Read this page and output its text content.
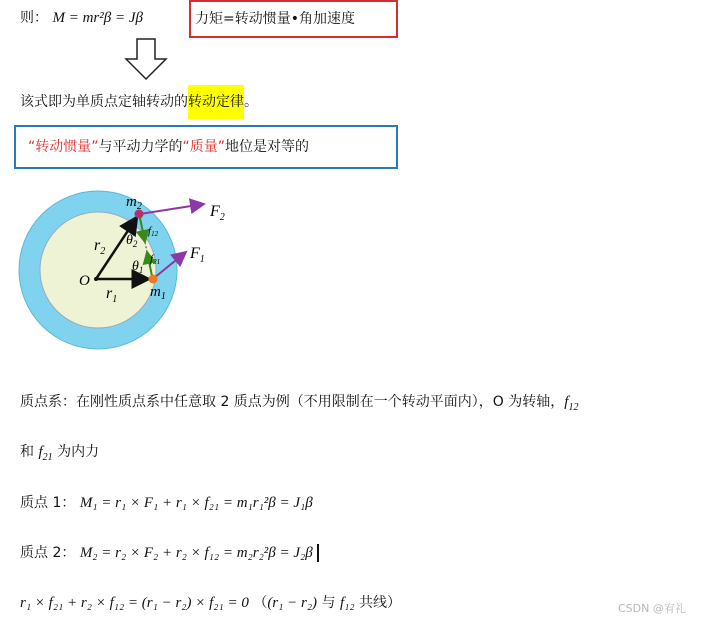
则： M = mr²β = Jβ	力矩=转动惯量•角加速度
该式即为单质点定轴转动的转动定律。
“转动惯量”与平动力学的“质量”地位是对等的
$m_2$	$F_2$
f12
$r_2$
$\theta_2$
$\theta_1$
f21 $F_1$
O
$r_1$ $m_1$
质点系：在刚性质点系中任意取 2 质点为例（不用限制在一个转动平面内），O 为转轴，$f_{12}$
和 $f_{21}$ 为内力
质点 1： M₁ = r₁ × F₁ + r₁ × f₂₁ = m₁r₁²β = J₁β
质点 2： M₂ = r₂ × F₂ + r₂ × f₁₂ = m₂r₂²β = J₂β
r₁ × f₂₁ + r₂ × f₁₂ = (r₁ − r₂) × f₂₁ = 0 （(r₁ − r₂) 与 f₁₂ 共线）	CSDN @宥礼
